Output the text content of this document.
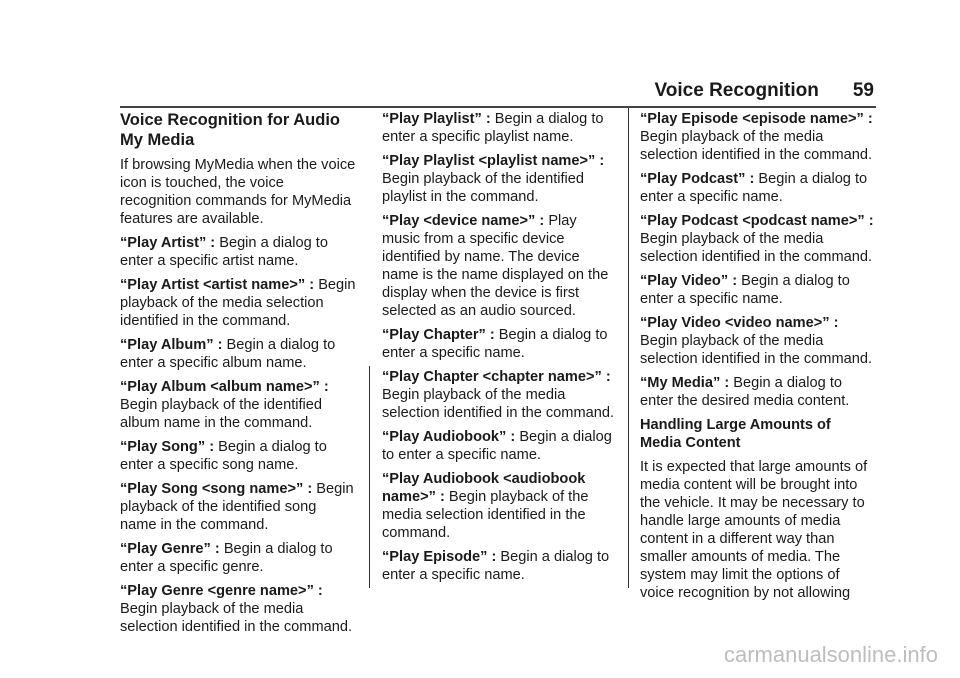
Voice Recognition 59
Voice Recognition for Audio My Media

If browsing MyMedia when the voice icon is touched, the voice recognition commands for MyMedia features are available.

“Play Artist” : Begin a dialog to enter a specific artist name.

“Play Artist <artist name>” : Begin playback of the media selection identified in the command.

“Play Album” : Begin a dialog to enter a specific album name.

“Play Album <album name>” : Begin playback of the identified album name in the command.

“Play Song” : Begin a dialog to enter a specific song name.

“Play Song <song name>” : Begin playback of the identified song name in the command.

“Play Genre” : Begin a dialog to enter a specific genre.

“Play Genre <genre name>” : Begin playback of the media selection identified in the command.

“Play Playlist” : Begin a dialog to enter a specific playlist name.

“Play Playlist <playlist name>” : Begin playback of the identified playlist in the command.

“Play <device name>” : Play music from a specific device identified by name. The device name is the name displayed on the display when the device is first selected as an audio sourced.

“Play Chapter” : Begin a dialog to enter a specific name.

“Play Chapter <chapter name>” : Begin playback of the media selection identified in the command.

“Play Audiobook” : Begin a dialog to enter a specific name.

“Play Audiobook <audiobook name>” : Begin playback of the media selection identified in the command.

“Play Episode” : Begin a dialog to enter a specific name.

“Play Episode <episode name>” : Begin playback of the media selection identified in the command.

“Play Podcast” : Begin a dialog to enter a specific name.

“Play Podcast <podcast name>” : Begin playback of the media selection identified in the command.

“Play Video” : Begin a dialog to enter a specific name.

“Play Video <video name>” : Begin playback of the media selection identified in the command.

“My Media” : Begin a dialog to enter the desired media content.

Handling Large Amounts of Media Content

It is expected that large amounts of media content will be brought into the vehicle. It may be necessary to handle large amounts of media content in a different way than smaller amounts of media. The system may limit the options of voice recognition by not allowing

carmanualsonline.info
